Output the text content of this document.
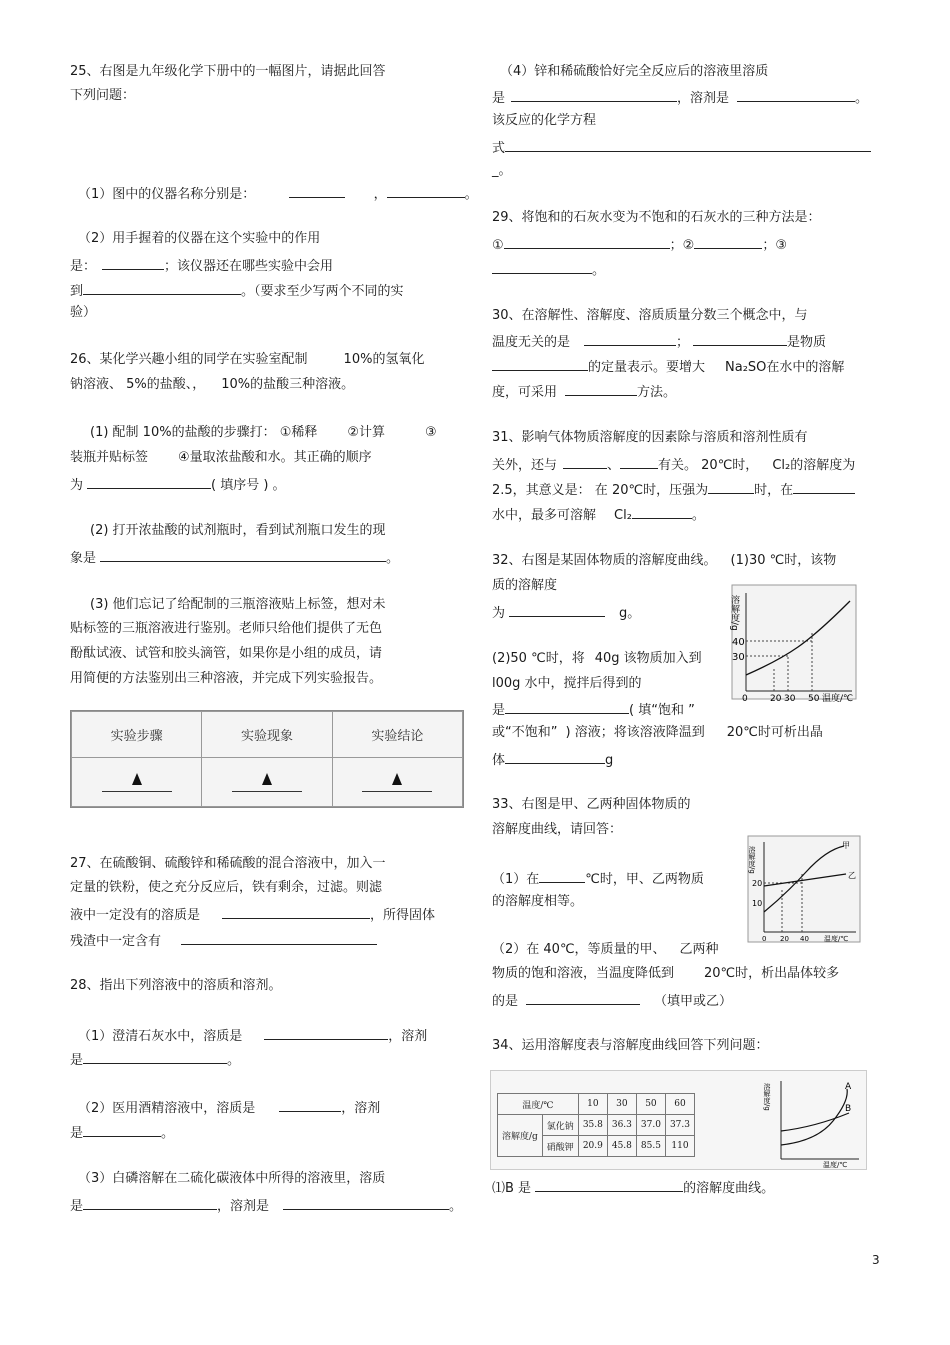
25、右图是九年级化学下册中的一幅图片，请据此回答
下列问题：
（1）图中的仪器名称分别是：	，	。
（2）用手握着的仪器在这个实验中的作用
是：	；该仪器还在哪些实验中会用
到	。（要求至少写两个不同的实
验）
26、某化学兴趣小组的同学在实验室配制	10%的氢氧化
钠溶液、 5%的盐酸、， 10%的盐酸三种溶液。
(1) 配制 10%的盐酸的步骤打： ①稀释 ②计算	③
装瓶并贴标签 ④量取浓盐酸和水。其正确的顺序
为	( 填序号 ) 。
(2) 打开浓盐酸的试剂瓶时，看到试剂瓶口发生的现
象是	。
(3) 他们忘记了给配制的三瓶溶液贴上标签，想对未
贴标签的三瓶溶液进行鉴别。老师只给他们提供了无色
酚酞试液、试管和胶头滴管，如果你是小组的成员，请
用简便的方法鉴别出三种溶液，并完成下列实验报告。
实验步骤	实验现象	实验结论

27、在硫酸铜、硫酸锌和稀硫酸的混合溶液中，加入一
定量的铁粉，使之充分反应后，铁有剩余，过滤。则滤
液中一定没有的溶质是	，所得固体
残渣中一定含有
28、指出下列溶液中的溶质和溶剂。
（1）澄清石灰水中，溶质是	，溶剂
是	。
（2）医用酒精溶液中，溶质是	，溶剂
是	。
（3）白磷溶解在二硫化碳液体中所得的溶液里，溶质
是	，溶剂是	。
（4）锌和稀硫酸恰好完全反应后的溶液里溶质
是	，溶剂是	。
该反应的化学方程
式
_。
29、将饱和的石灰水变为不饱和的石灰水的三种方法是：
①	；②	；③
。
30、在溶解性、溶解度、溶质质量分数三个概念中，与
温度无关的是	；	是物质
的定量表示。要增大 Na₂SO在水中的溶解
度，可采用	方法。
31、影响气体物质溶解度的因素除与溶质和溶剂性质有
关外，还与	、	有关。 20℃时， Cl₂的溶解度为
2.5，其意义是： 在 20℃时，压强为	时，在
水中，最多可溶解 Cl₂	。
32、右图是某固体物质的溶解度曲线。 (1)30 ℃时，该物
质的溶解度
为	g。	溶解度/g
40
30
0 20 30 50 温度/℃
(2)50 ℃时，将 40g 该物质加入到
l00g 水中，搅拌后得到的
是	( 填“饱和 ”
或“不饱和” ) 溶液；将该溶液降温到 20℃时可析出晶
体	g
33、右图是甲、乙两种固体物质的
溶解度曲线，请回答：
溶解度/g
20
10
0 20 40 温度/℃
甲
乙
（1）在	℃时，甲、乙两物质
的溶解度相等。
（2）在 40℃，等质量的甲、 乙两种
物质的饱和溶液，当温度降低到 20℃时，析出晶体较多
的是	（填甲或乙）
34、运用溶解度表与溶解度曲线回答下列问题：
温度/℃		10	30	50	60
溶解度/g	氯化钠	35.8	36.3	37.0	37.3
	硝酸钾	20.9	45.8	85.5	110
溶解度/g	A
B
温度/℃
⑴B 是	的溶解度曲线。
3
